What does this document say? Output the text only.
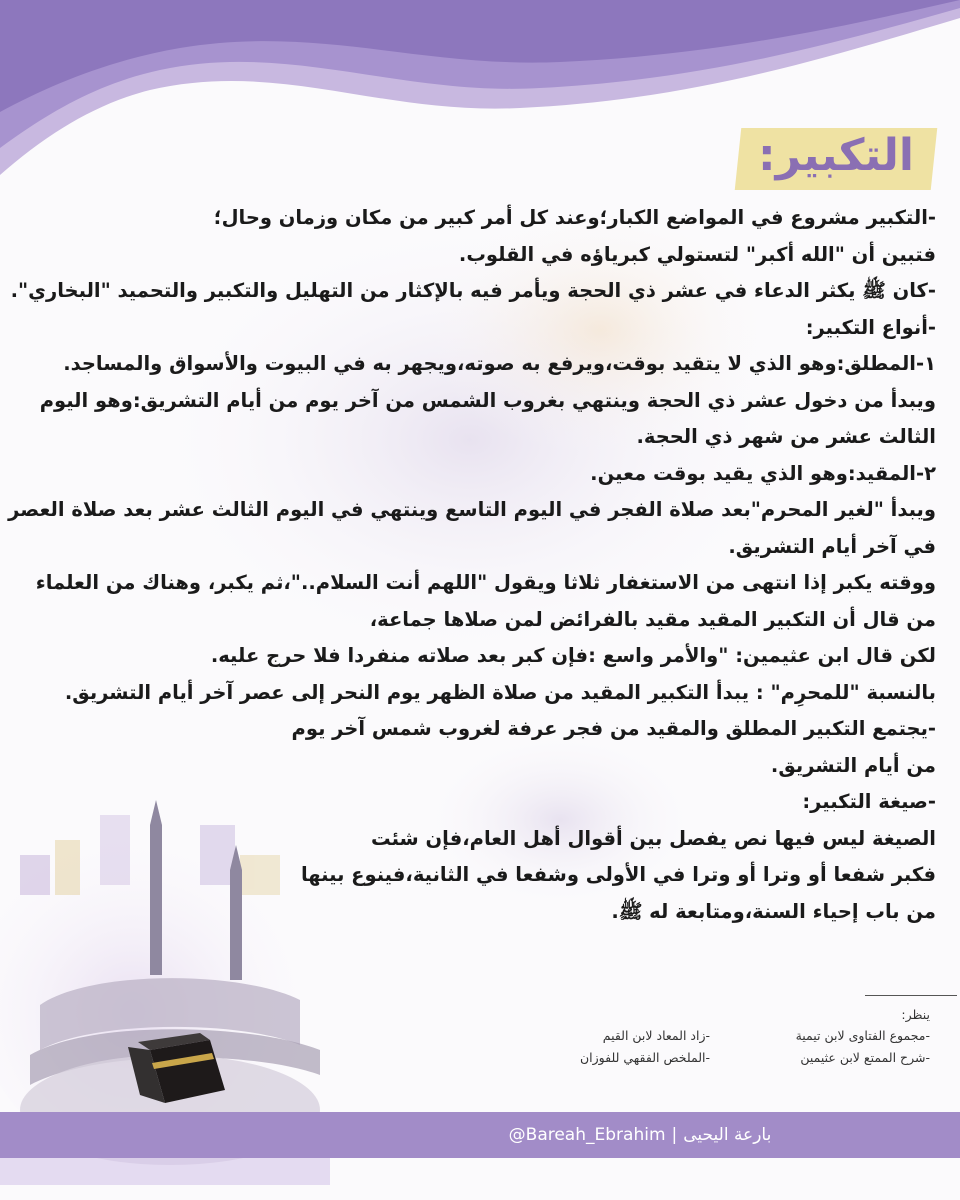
التكبير:

-التكبير مشروع في المواضع الكبار؛وعند كل أمر كبير من مكان وزمان وحال؛

فتبين أن "الله أكبر" لتستولي كبرياؤه في القلوب.

-كان ﷺ يكثر الدعاء في عشر ذي الحجة ويأمر فيه بالإكثار من التهليل والتكبير والتحميد "البخاري".

-أنواع التكبير:

١-المطلق:وهو الذي لا يتقيد بوقت،ويرفع به صوته،ويجهر به في البيوت والأسواق والمساجد.

ويبدأ من دخول عشر ذي الحجة وينتهي بغروب الشمس من آخر يوم من أيام التشريق:وهو اليوم

الثالث عشر من شهر ذي الحجة.

٢-المقيد:وهو الذي يقيد بوقت معين.

ويبدأ "لغير المحرم"بعد صلاة الفجر في اليوم التاسع وينتهي في اليوم الثالث عشر بعد صلاة العصر

في آخر أيام التشريق.

ووقته يكبر إذا انتهى من الاستغفار ثلاثا ويقول "اللهم أنت السلام.."،ثم يكبر، وهناك من العلماء

من قال أن التكبير المقيد مقيد بالفرائض لمن صلاها جماعة،

لكن قال ابن عثيمين: "والأمر واسع :فإن كبر بعد صلاته منفردا فلا حرج عليه.

بالنسبة "للمحرِم" : يبدأ التكبير المقيد من صلاة الظهر يوم النحر إلى عصر آخر أيام التشريق.

-يجتمع التكبير المطلق والمقيد من فجر عرفة لغروب شمس آخر يوم

من أيام التشريق.

-صيغة التكبير:

الصيغة ليس فيها نص يفصل بين أقوال أهل العام،فإن شئت

فكبر شفعا أو وترا أو وترا في الأولى وشفعا في الثانية،فينوع بينها

من باب إحياء السنة،ومتابعة له ﷺ.

ينظر:
-مجموع الفتاوى لابن تيمية
-زاد المعاد لابن القيم
-شرح الممتع لابن عثيمين
-الملخص الفقهي للفوزان
@Bareah_Ebrahim | بارعة اليحيى
